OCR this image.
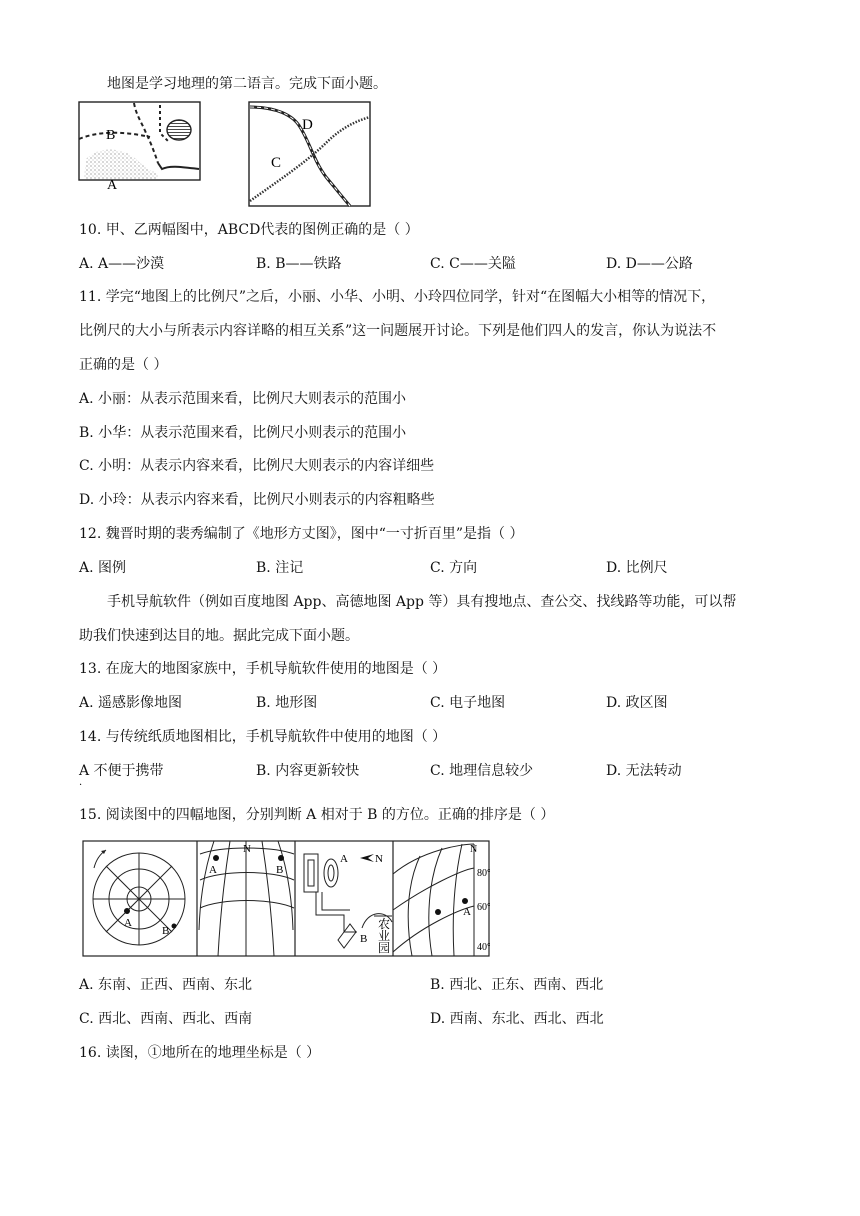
地图是学习地理的第二语言。完成下面小题。
B
A
D
C
10. 甲、乙两幅图中，ABCD代表的图例正确的是（ ）
A. A——沙漠	B. B——铁路	C. C——关隘	D. D——公路
11. 学完“地图上的比例尺”之后，小丽、小华、小明、小玲四位同学，针对“在图幅大小相等的情况下，
比例尺的大小与所表示内容详略的相互关系”这一问题展开讨论。下列是他们四人的发言，你认为说法不
正确的是（ ）
A. 小丽：从表示范围来看，比例尺大则表示的范围小
B. 小华：从表示范围来看，比例尺小则表示的范围小
C. 小明：从表示内容来看，比例尺大则表示的内容详细些
D. 小玲：从表示内容来看，比例尺小则表示的内容粗略些
12. 魏晋时期的裴秀编制了《地形方丈图》，图中“一寸折百里”是指（ ）
A. 图例	B. 注记	C. 方向	D. 比例尺
手机导航软件（例如百度地图 App、高德地图 App 等）具有搜地点、查公交、找线路等功能，可以帮
助我们快速到达目的地。据此完成下面小题。
13. 在庞大的地图家族中，手机导航软件使用的地图是（ ）
A. 遥感影像地图	B. 地形图	C. 电子地图	D. 政区图
14. 与传统纸质地图相比，手机导航软件中使用的地图（ ）
A 不便于携带
·
B. 内容更新较快	C. 地理信息较少	D. 无法转动
15. 阅读图中的四幅地图，分别判断 A 相对于 B 的方位。正确的排序是（ ）
A
B
N
A	B
A N
B
农
业
园
N
A
80°
60°
40°
A. 东南、正西、西南、东北	B. 西北、正东、西南、西北
C. 西北、西南、西北、西南	D. 西南、东北、西北、西北
16. 读图，①地所在的地理坐标是（ ）
